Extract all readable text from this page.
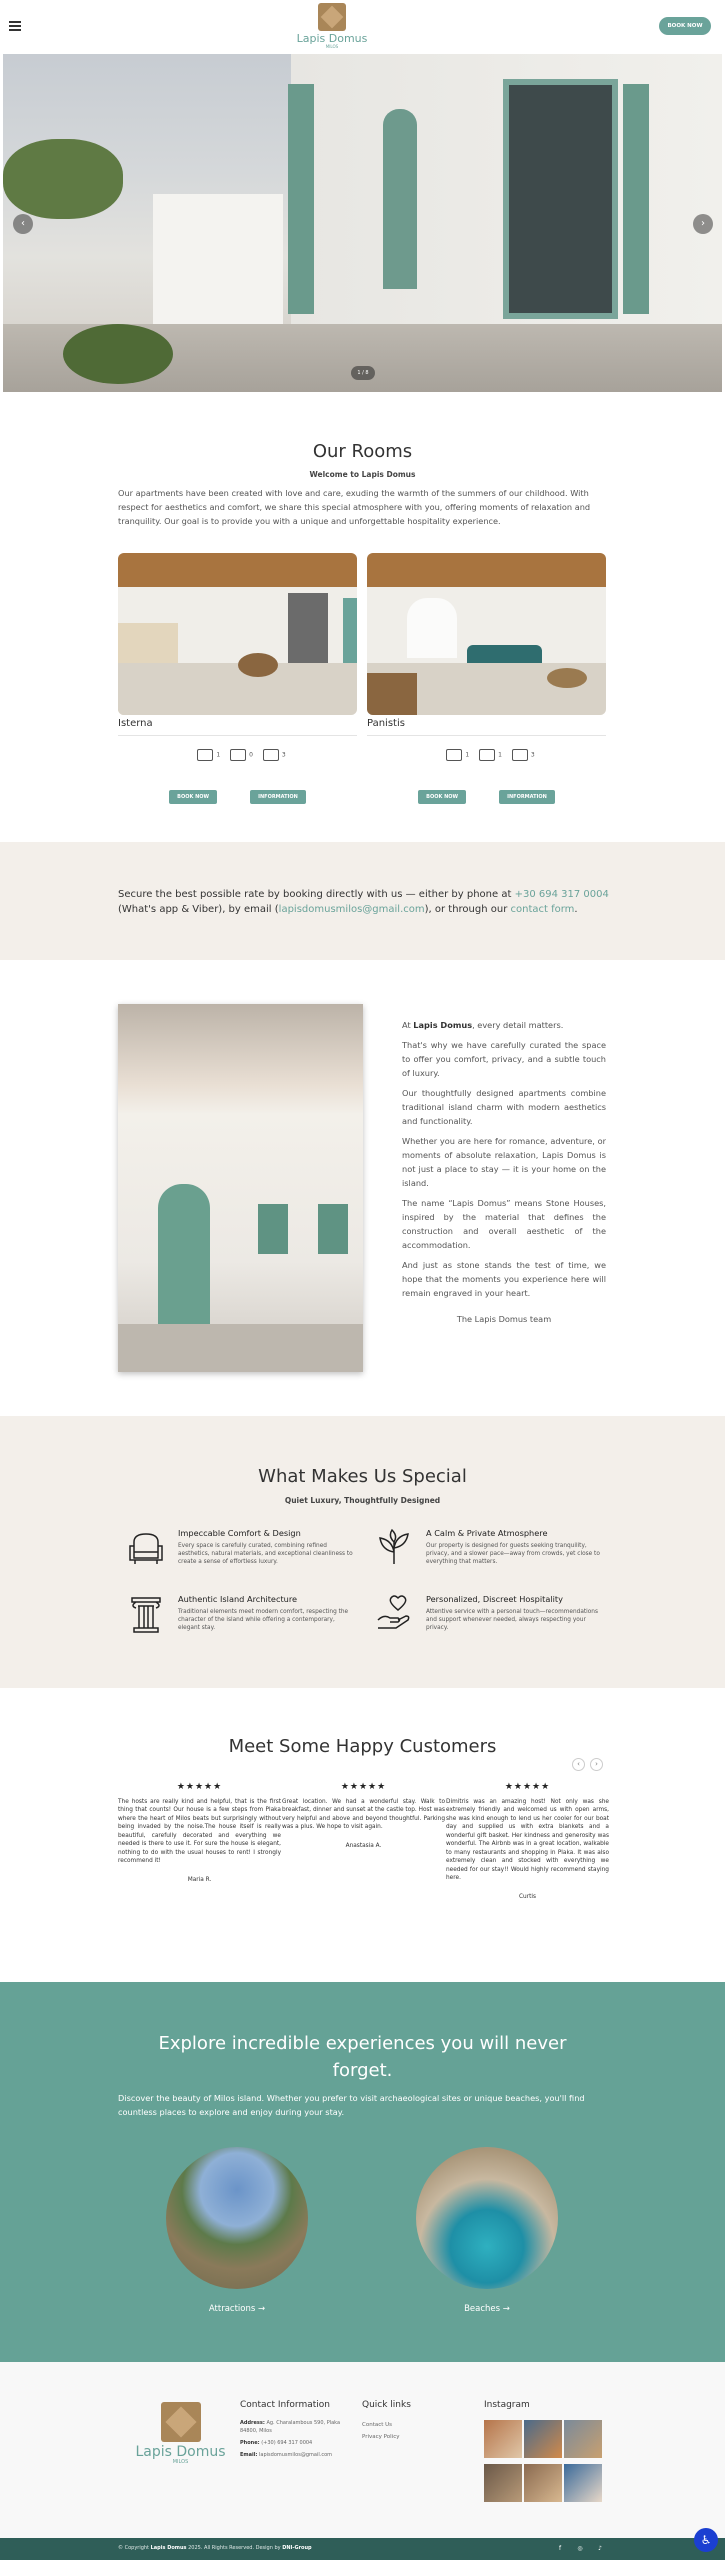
Lapis Domus
MILOS
BOOK NOW
‹	›
1 / 8
Our Rooms
Welcome to Lapis Domus
Our apartments have been created with love and care, exuding the warmth of the summers of our childhood. With respect for aesthetics and comfort, we share this special atmosphere with you, offering moments of relaxation and tranquility. Our goal is to provide you with a unique and unforgettable hospitality experience.
Isterna
1	0	3
BOOK NOW	INFORMATION
Panistis
1	1	3
BOOK NOW	INFORMATION

Secure the best possible rate by booking directly with us — either by phone at +30 694 317 0004 (What's app & Viber), by email (lapisdomusmilos@gmail.com), or through our contact form.

At Lapis Domus, every detail matters.

That's why we have carefully curated the space to offer you comfort, privacy, and a subtle touch of luxury.

Our thoughtfully designed apartments combine traditional island charm with modern aesthetics and functionality.

Whether you are here for romance, adventure, or moments of absolute relaxation, Lapis Domus is not just a place to stay — it is your home on the island.

The name “Lapis Domus” means Stone Houses, inspired by the material that defines the construction and overall aesthetic of the accommodation.

And just as stone stands the test of time, we hope that the moments you experience here will remain engraved in your heart.

The Lapis Domus team

What Makes Us Special
Quiet Luxury, Thoughtfully Designed
Impeccable Comfort & Design

Every space is carefully curated, combining refined aesthetics, natural materials, and exceptional cleanliness to create a sense of effortless luxury.

A Calm & Private Atmosphere

Our property is designed for guests seeking tranquility, privacy, and a slower pace—away from crowds, yet close to everything that matters.

Authentic Island Architecture

Traditional elements meet modern comfort, respecting the character of the island while offering a contemporary, elegant stay.

Personalized, Discreet Hospitality

Attentive service with a personal touch—recommendations and support whenever needed, always respecting your privacy.

Meet Some Happy Customers
‹	›
★★★★★
The hosts are really kind and helpful, that is the first thing that counts! Our house is a few steps from Plaka where the heart of Milos beats but surprisingly without being invaded by the noise.The house itself is really beautiful, carefully decorated and everything we needed is there to use it. For sure the house is elegant, nothing to do with the usual houses to rent! I strongly recommend it!
Maria R.
★★★★★
Great location. We had a wonderful stay. Walk to breakfast, dinner and sunset at the castle top. Host was very helpful and above and beyond thoughtful. Parking was a plus. We hope to visit again.
Anastasia A.
★★★★★
Dimitris was an amazing host! Not only was she extremely friendly and welcomed us with open arms, she was kind enough to lend us her cooler for our boat day and supplied us with extra blankets and a wonderful gift basket. Her kindness and generosity was wonderful. The Airbnb was in a great location, walkable to many restaurants and shopping in Plaka. It was also extremely clean and stocked with everything we needed for our stay!! Would highly recommend staying here.
Curtis
Explore incredible experiences you will never forget.

Discover the beauty of Milos island. Whether you prefer to visit archaeological sites or unique beaches, you'll find countless places to explore and enjoy during your stay.

Attractions →	Beaches →
Lapis Domus
MILOS
Contact Information
Address: Ag. Charalambous 590, Plaka 84800, Milos
Phone: (+30) 694 317 0004
Email: lapisdomusmilos@gmail.com
Quick links
Contact Us
Privacy Policy
Instagram
© Copyright Lapis Domus 2025. All Rights Reserved. Design by DNI-Group	f	◎	♪
♿
